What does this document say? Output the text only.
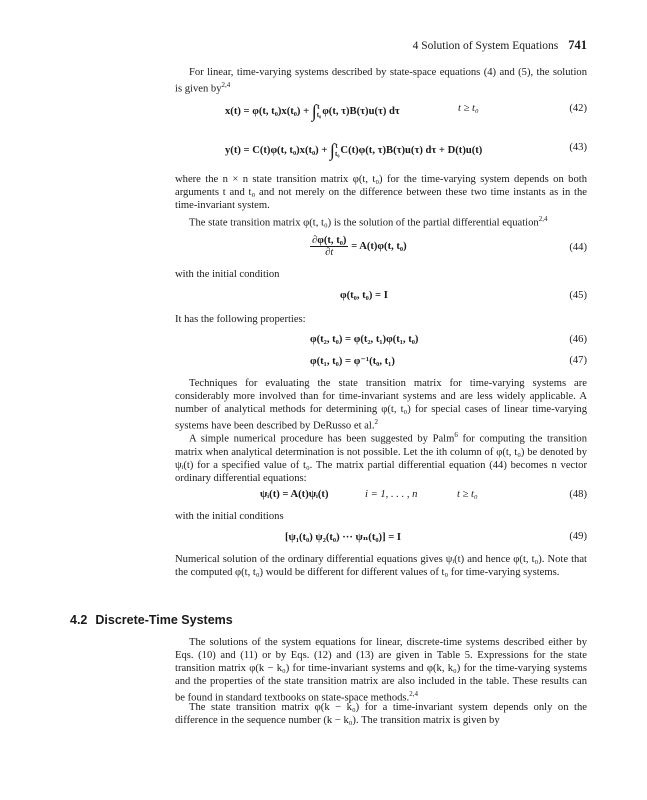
4 Solution of System Equations 741
For linear, time-varying systems described by state-space equations (4) and (5), the solution is given by$^{2,4}$
x(t) = φ(t, $t_0)x(t_0) + \int_{t_0}^t$ φ(t, τ)B(τ)u(τ) dτ	t ≥ t₀	(42)
y(t) = C(t)φ(t, $t_0)x(t_0) + \int_{t_0}^t$ C(t)φ(t, τ)B(τ)u(τ) dτ + D(t)u(t)	(43)
where the n × n state transition matrix φ(t, t₀) for the time-varying system depends on both arguments t and t₀ and not merely on the difference between these two time instants as in the time-invariant system.
The state transition matrix φ(t, t₀) is the solution of the partial differential equation$^{2,4}$
$\frac{\text{∂φ(t, t₀)}}{\partial t} = A(t)\varphi(t$, t₀)	(44)
with the initial condition
φ(t₀, t₀) = I	(45)
It has the following properties:
φ(t₂, t₀) = φ(t₂, t₁)φ(t₁, t₀)	(46)
φ(t₁, t₀) = φ⁻¹(t₀, t₁)	(47)
Techniques for evaluating the state transition matrix for time-varying systems are considerably more involved than for time-invariant systems and are less widely applicable. A number of analytical methods for determining φ(t, t₀) for special cases of linear time-varying systems have been described by DeRusso et al.$^2$
A simple numerical procedure has been suggested by Palm$^6$ for computing the transition matrix when analytical determination is not possible. Let the ith column of φ(t, t₀) be denoted by ψᵢ(t) for a specified value of t₀. The matrix partial differential equation (44) becomes n vector ordinary differential equations:
ψᵢ(t) = A(t)ψᵢ(t)	i = 1, . . . , n	t ≥ t₀	(48)
with the initial conditions
[ψ₁(t₀) ψ₂(t₀) ··· ψₙ(t₀)] = I	(49)
Numerical solution of the ordinary differential equations gives ψᵢ(t) and hence φ(t, t₀). Note that the computed φ(t, t₀) would be different for different values of t₀ for time-varying systems.
4.2 Discrete-Time Systems
The solutions of the system equations for linear, discrete-time systems described either by Eqs. (10) and (11) or by Eqs. (12) and (13) are given in Table 5. Expressions for the state transition matrix φ(k − k₀) for time-invariant systems and φ(k, k₀) for the time-varying systems and the properties of the state transition matrix are also included in the table. These results can be found in standard textbooks on state-space methods.$^{2,4}$
The state transition matrix φ(k − k₀) for a time-invariant system depends only on the difference in the sequence number (k − k₀). The transition matrix is given by
